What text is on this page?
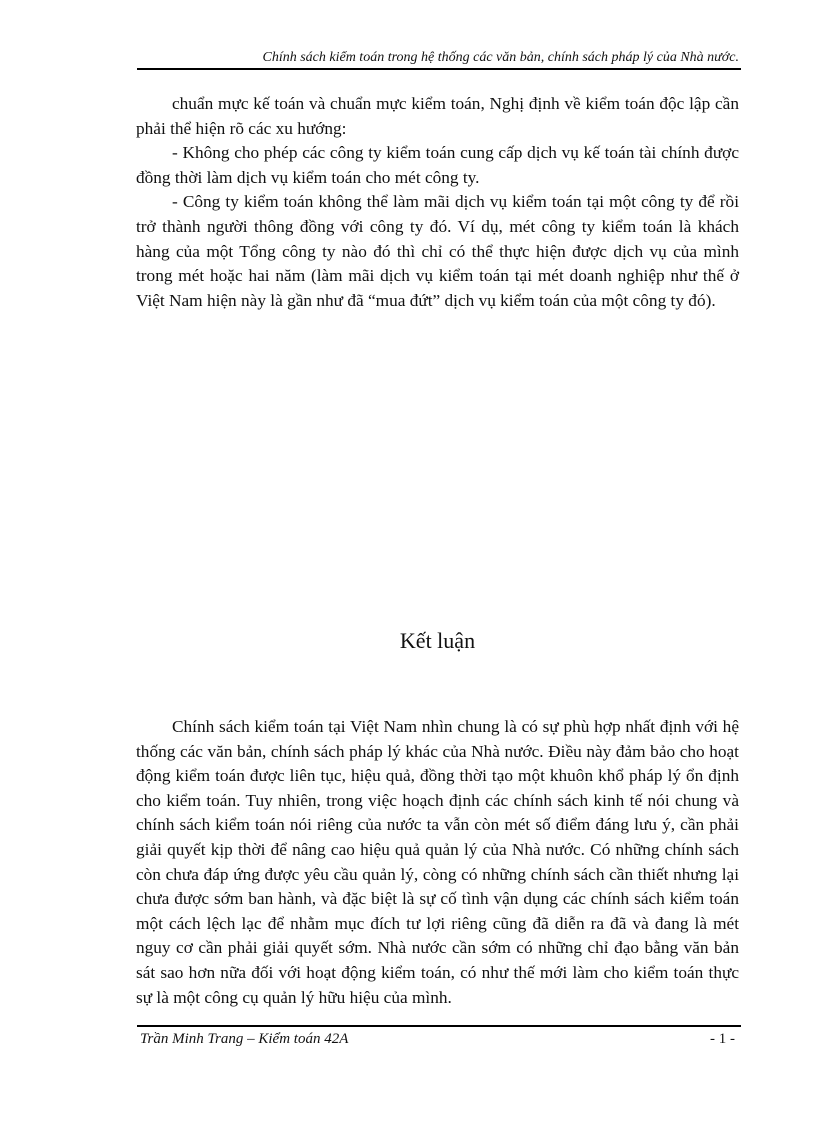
Chính sách kiểm toán trong hệ thống các văn bản, chính sách pháp lý của Nhà nước.

chuẩn mực kế toán và chuẩn mực kiểm toán, Nghị định về kiểm toán độc lập cần phải thể hiện rõ các xu hướng:

- Không cho phép các công ty kiểm toán cung cấp dịch vụ kế toán tài chính được đồng thời làm dịch vụ kiểm toán cho mét công ty.

- Công ty kiểm toán không thể làm mãi dịch vụ kiểm toán tại một công ty để rồi trở thành người thông đồng với công ty đó. Ví dụ, mét công ty kiểm toán là khách hàng của một Tổng công ty nào đó thì chỉ có thể thực hiện được dịch vụ của mình trong mét hoặc hai năm (làm mãi dịch vụ kiểm toán tại mét doanh nghiệp như thế ở Việt Nam hiện này là gần như đã “mua đứt” dịch vụ kiểm toán của một công ty đó).

Kết luận

Chính sách kiểm toán tại Việt Nam nhìn chung là có sự phù hợp nhất định với hệ thống các văn bản, chính sách pháp lý khác của Nhà nước. Điều này đảm bảo cho hoạt động kiểm toán được liên tục, hiệu quả, đồng thời tạo một khuôn khổ pháp lý ổn định cho kiểm toán. Tuy nhiên, trong việc hoạch định các chính sách kinh tế nói chung và chính sách kiểm toán nói riêng của nước ta vẫn còn mét số điểm đáng lưu ý, cần phải giải quyết kịp thời để nâng cao hiệu quả quản lý của Nhà nước. Có những chính sách còn chưa đáp ứng được yêu cầu quản lý, còng có những chính sách cần thiết nhưng lại chưa được sớm ban hành, và đặc biệt là sự cố tình vận dụng các chính sách kiểm toán một cách lệch lạc để nhằm mục đích tư lợi riêng cũng đã diễn ra đã và đang là mét nguy cơ cần phải giải quyết sớm. Nhà nước cần sớm có những chỉ đạo bằng văn bản sát sao hơn nữa đối với hoạt động kiểm toán, có như thế mới làm cho kiểm toán thực sự là một công cụ quản lý hữu hiệu của mình.

Trần Minh Trang – Kiểm toán 42A	- 1 -
